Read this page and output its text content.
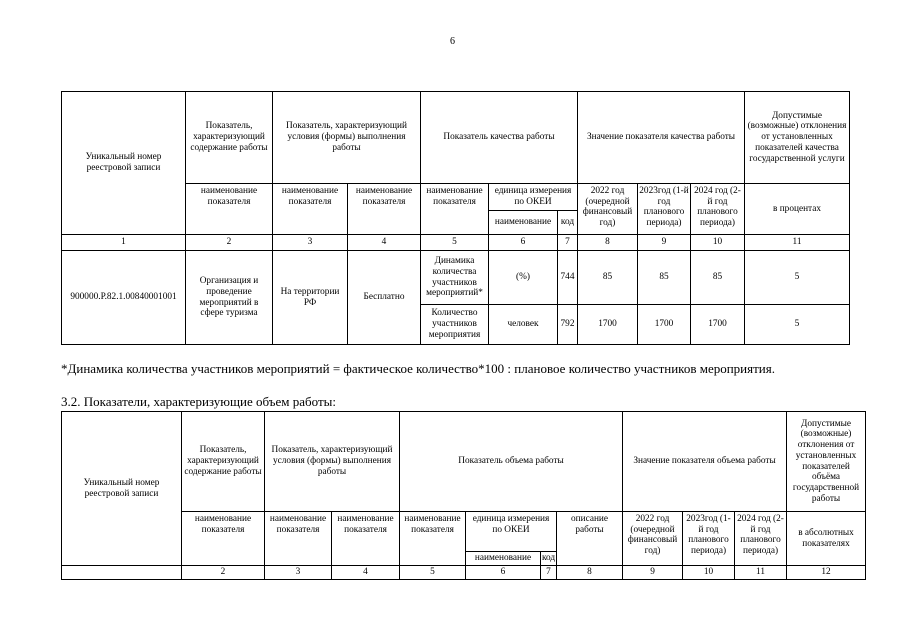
6
Уникальный номер реестровой записи	Показатель, характеризующий содержание работы	Показатель, характеризующий условия (формы) выполнения работы		Показатель качества работы			Значение показателя качества работы			Допустимые (возможные) отклонения от установленных показателей качества государственной услуги
	наименование показателя	наименование показателя	наименование показателя	наименование показателя	единица измерения по ОКЕИ		2022 год (очередной финансовый год)	2023год (1-й год планового периода)	2024 год (2-й год планового периода)	в процентах
					наименование	код				
1	2	3	4	5	6	7	8	9	10	11
900000.Р.82.1.00840001001	Организация и проведение мероприятий в сфере туризма	На территории РФ	Бесплатно	Динамика количества участников мероприятий*	(%)	744	85	85	85	5
				Количество участников мероприятия	человек	792	1700	1700	1700	5
*Динамика количества участников мероприятий = фактическое количество*100 : плановое количество участников мероприятия.
3.2. Показатели, характеризующие объем работы:
Уникальный номер реестровой записи	Показатель, характеризующий содержание работы	Показатель, характеризующий условия (формы) выполнения работы		Показатель объема работы				Значение показателя объема работы			Допустимые (возможные) отклонения от установленных показателей объёма государственной работы
	наименование показателя	наименование показателя	наименование показателя	наименование показателя	единица измерения по ОКЕИ		описание работы	2022 год (очередной финансовый год)	2023год (1-й год планового периода)	2024 год (2-й год планового периода)	в абсолютных показателях
					наименование	код					
	2	3	4	5	6	7	8	9	10	11	12
